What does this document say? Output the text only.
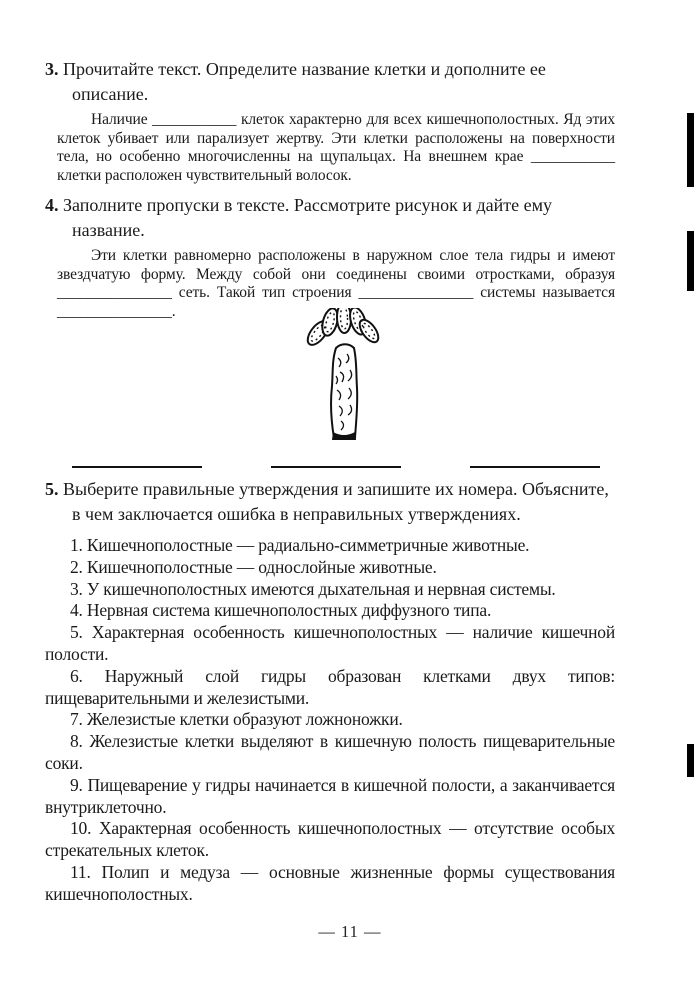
3. Прочитайте текст. Определите название клетки и дополните ее описание.

Наличие ___________ клеток характерно для всех кишечнополостных. Яд этих клеток убивает или парализует жертву. Эти клетки расположены на поверхности тела, но особенно многочисленны на щупальцах. На внешнем крае ___________ клетки расположен чувствительный волосок.

4. Заполните пропуски в тексте. Рассмотрите рисунок и дайте ему название.

Эти клетки равномерно расположены в наружном слое тела гидры и имеют звездчатую форму. Между собой они соединены своими отростками, образуя _______________ сеть. Такой тип строения _______________ системы называется _______________.

5. Выберите правильные утверждения и запишите их номера. Объясните, в чем заключается ошибка в неправильных утверждениях.

1. Кишечнополостные — радиально-симметричные животные.

2. Кишечнополостные — однослойные животные.

3. У кишечнополостных имеются дыхательная и нервная системы.

4. Нервная система кишечнополостных диффузного типа.

5. Характерная особенность кишечнополостных — наличие кишечной полости.

6. Наружный слой гидры образован клетками двух типов: пищеварительными и железистыми.

7. Железистые клетки образуют ложноножки.

8. Железистые клетки выделяют в кишечную полость пищеварительные соки.

9. Пищеварение у гидры начинается в кишечной полости, а заканчивается внутриклеточно.

10. Характерная особенность кишечнополостных — отсутствие особых стрекательных клеток.

11. Полип и медуза — основные жизненные формы существования кишечнополостных.

— 11 —
